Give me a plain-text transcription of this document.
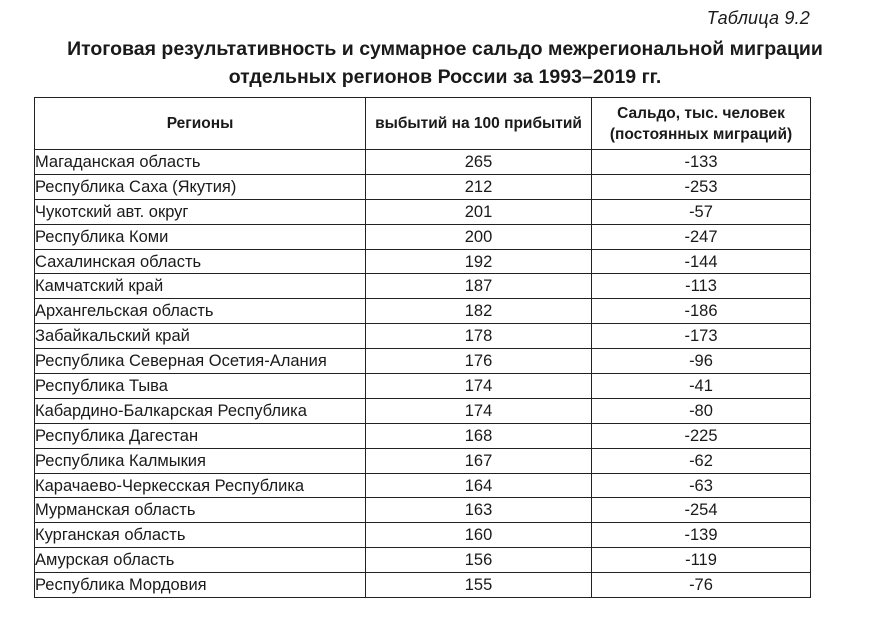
Таблица 9.2
Итоговая результативность и суммарное сальдо межрегиональной миграции
отдельных регионов России за 1993–2019 гг.
Регионы	выбытий на 100 прибытий	Сальдо, тыс. человек
(постоянных миграций)

Магаданская область	265	-133
Республика Саха (Якутия)	212	-253
Чукотский авт. округ	201	-57
Республика Коми	200	-247
Сахалинская область	192	-144
Камчатский край	187	-113
Архангельская область	182	-186
Забайкальский край	178	-173
Республика Северная Осетия-Алания	176	-96
Республика Тыва	174	-41
Кабардино-Балкарская Республика	174	-80
Республика Дагестан	168	-225
Республика Калмыкия	167	-62
Карачаево-Черкесская Республика	164	-63
Мурманская область	163	-254
Курганская область	160	-139
Амурская область	156	-119
Республика Мордовия	155	-76
